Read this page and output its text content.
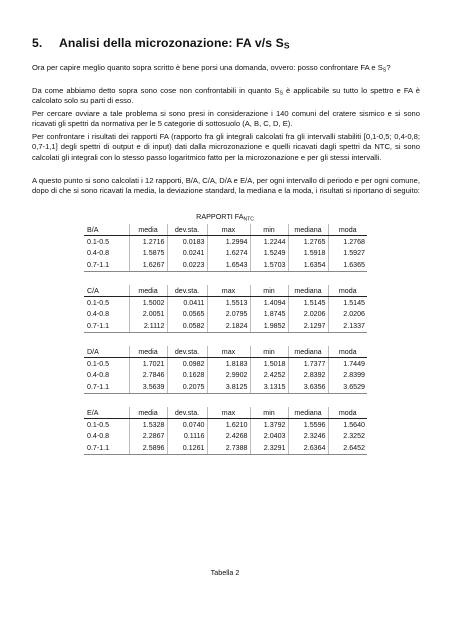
5. Analisi della microzonazione: FA v/s $S_S$

Ora per capire meglio quanto sopra scritto è bene porsi una domanda, ovvero: posso confrontare FA e $S_S$?

Da come abbiamo detto sopra sono cose non confrontabili in quanto $S_S$ è applicabile su tutto lo spettro e FA è calcolato solo su parti di esso.

Per cercare ovviare a tale problema si sono presi in considerazione i 140 comuni del cratere sismico e si sono ricavati gli spettri da normativa per le 5 categorie di sottosuolo (A, B, C, D, E).

Per confrontare i risultati dei rapporti FA (rapporto fra gli integrali calcolati fra gli intervalli stabiliti [0,1-0,5; 0,4-0,8; 0,7-1,1] degli spettri di output e di input) dati dalla microzonazione e quelli ricavati dagli spettri da NTC, si sono calcolati gli integrali con lo stesso passo logaritmico fatto per la microzonazione e per gli stessi intervalli.

A questo punto si sono calcolati i 12 rapporti, B/A, C/A, D/A e E/A, per ogni intervallo di periodo e per ogni comune, dopo di che si sono ricavati la media, la deviazione standard, la mediana e la moda, i risultati si riportano di seguito:

RAPPORTI $FA_{NTC}$
B/A	media	dev.sta.	max	min	mediana	moda
0.1-0.5	1.2716	0.0183	1.2994	1.2244	1.2765	1.2768
0.4-0.8	1.5875	0.0241	1.6274	1.5249	1.5918	1.5927
0.7-1.1	1.6267	0.0223	1.6543	1.5703	1.6354	1.6365
C/A	media	dev.sta.	max	min	mediana	moda
0.1-0.5	1.5002	0.0411	1.5513	1.4094	1.5145	1.5145
0.4-0.8	2.0051	0.0565	2.0795	1.8745	2.0206	2.0206
0.7-1.1	2.1112	0.0582	2.1824	1.9852	2.1297	2.1337
D/A	media	dev.sta.	max	min	mediana	moda
0.1-0.5	1.7021	0.0982	1.8183	1.5018	1.7377	1.7449
0.4-0.8	2.7846	0.1628	2.9902	2.4252	2.8392	2.8399
0.7-1.1	3.5639	0.2075	3.8125	3.1315	3.6356	3.6529
E/A	media	dev.sta.	max	min	mediana	moda
0.1-0.5	1.5328	0.0740	1.6210	1.3792	1.5596	1.5640
0.4-0.8	2.2867	0.1116	2.4268	2.0403	2.3246	2.3252
0.7-1.1	2.5896	0.1261	2.7388	2.3291	2.6364	2.6452
Tabella 2
